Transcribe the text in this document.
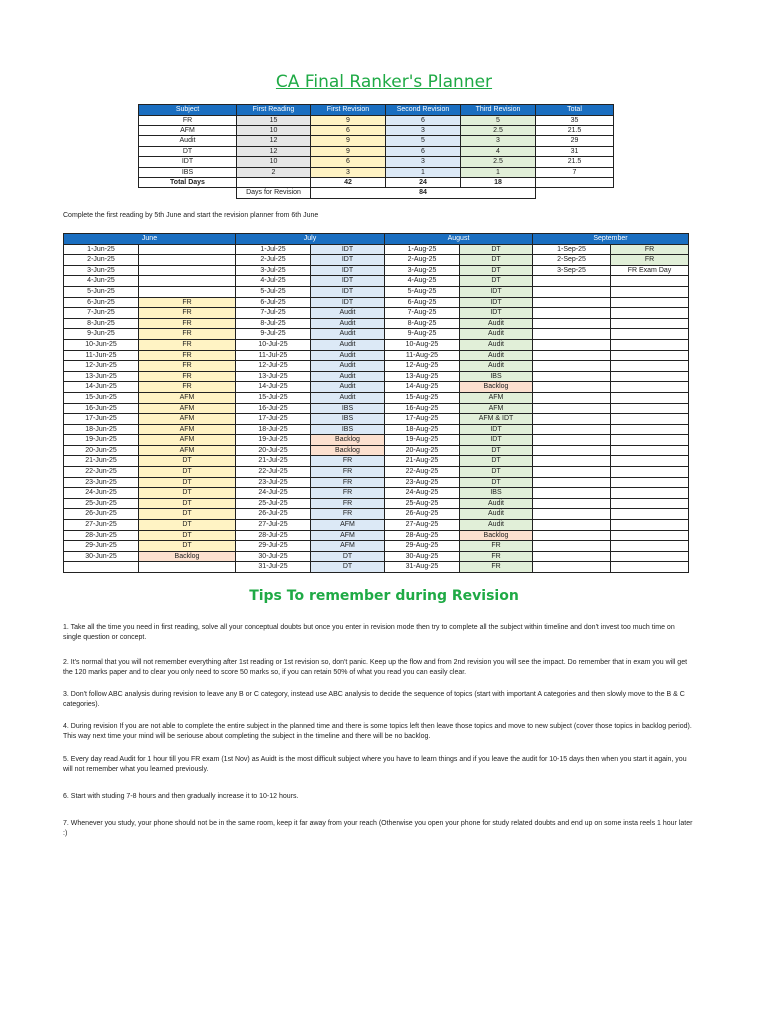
CA Final Ranker's Planner
Subject	First Reading	First Revision	Second Revision	Third Revision	Total
FR	15	9	6	5	35
AFM	10	6	3	2.5	21.5
Audit	12	9	5	3	29
DT	12	9	6	4	31
IDT	10	6	3	2.5	21.5
IBS	2	3	1	1	7
Total Days		42	24	18	
	Days for Revision	84			
Complete the first reading by 5th June and start the revision planner from 6th June
June		July		August		September	
1-Jun-25		1-Jul-25	IDT	1-Aug-25	DT	1-Sep-25	FR
2-Jun-25		2-Jul-25	IDT	2-Aug-25	DT	2-Sep-25	FR
3-Jun-25		3-Jul-25	IDT	3-Aug-25	DT	3-Sep-25	FR Exam Day
4-Jun-25		4-Jul-25	IDT	4-Aug-25	DT		
5-Jun-25		5-Jul-25	IDT	5-Aug-25	IDT		
6-Jun-25	FR	6-Jul-25	IDT	6-Aug-25	IDT		
7-Jun-25	FR	7-Jul-25	Audit	7-Aug-25	IDT		
8-Jun-25	FR	8-Jul-25	Audit	8-Aug-25	Audit		
9-Jun-25	FR	9-Jul-25	Audit	9-Aug-25	Audit		
10-Jun-25	FR	10-Jul-25	Audit	10-Aug-25	Audit		
11-Jun-25	FR	11-Jul-25	Audit	11-Aug-25	Audit		
12-Jun-25	FR	12-Jul-25	Audit	12-Aug-25	Audit		
13-Jun-25	FR	13-Jul-25	Audit	13-Aug-25	IBS		
14-Jun-25	FR	14-Jul-25	Audit	14-Aug-25	Backlog		
15-Jun-25	AFM	15-Jul-25	Audit	15-Aug-25	AFM		
16-Jun-25	AFM	16-Jul-25	IBS	16-Aug-25	AFM		
17-Jun-25	AFM	17-Jul-25	IBS	17-Aug-25	AFM & IDT		
18-Jun-25	AFM	18-Jul-25	IBS	18-Aug-25	IDT		
19-Jun-25	AFM	19-Jul-25	Backlog	19-Aug-25	IDT		
20-Jun-25	AFM	20-Jul-25	Backlog	20-Aug-25	DT		
21-Jun-25	DT	21-Jul-25	FR	21-Aug-25	DT		
22-Jun-25	DT	22-Jul-25	FR	22-Aug-25	DT		
23-Jun-25	DT	23-Jul-25	FR	23-Aug-25	DT		
24-Jun-25	DT	24-Jul-25	FR	24-Aug-25	IBS		
25-Jun-25	DT	25-Jul-25	FR	25-Aug-25	Audit		
26-Jun-25	DT	26-Jul-25	FR	26-Aug-25	Audit		
27-Jun-25	DT	27-Jul-25	AFM	27-Aug-25	Audit		
28-Jun-25	DT	28-Jul-25	AFM	28-Aug-25	Backlog		
29-Jun-25	DT	29-Jul-25	AFM	29-Aug-25	FR		
30-Jun-25	Backlog	30-Jul-25	DT	30-Aug-25	FR		
		31-Jul-25	DT	31-Aug-25	FR		
Tips To remember during Revision
1. Take all the time you need in first reading, solve all your conceptual doubts but once you enter in revision mode then try to complete all the subject within timeline and don't invest too much time on single question or concept.
2. It's normal that you will not remember everything after 1st reading or 1st revision so, don't panic. Keep up the flow and from 2nd revision you will see the impact. Do remember that in exam you will get the 120 marks paper and to clear you only need to score 50 marks so, if you can retain 50% of what you read you can easily clear.
3. Don't follow ABC analysis during revision to leave any B or C category, instead use ABC analysis to decide the sequence of topics (start with important A categories and then slowly move to the B & C categories).
4. During revision If you are not able to complete the entire subject in the planned time and there is some topics left then leave those topics and move to new subject (cover those topics in backlog period). This way next time your mind will be seriouse about completing the subject in the timeline and there will be no backlog.
5. Every day read Audit for 1 hour till you FR exam (1st Nov) as Auidt is the most difficult subject where you have to learn things and if you leave the audit for 10-15 days then when you start it again, you will not remember what you learned previously.
6. Start with studing 7-8 hours and then gradually increase it to 10-12 hours.
7. Whenever you study, your phone should not be in the same room, keep it far away from your reach (Otherwise you open your phone for study related doubts and end up on some insta reels 1 hour later :)
